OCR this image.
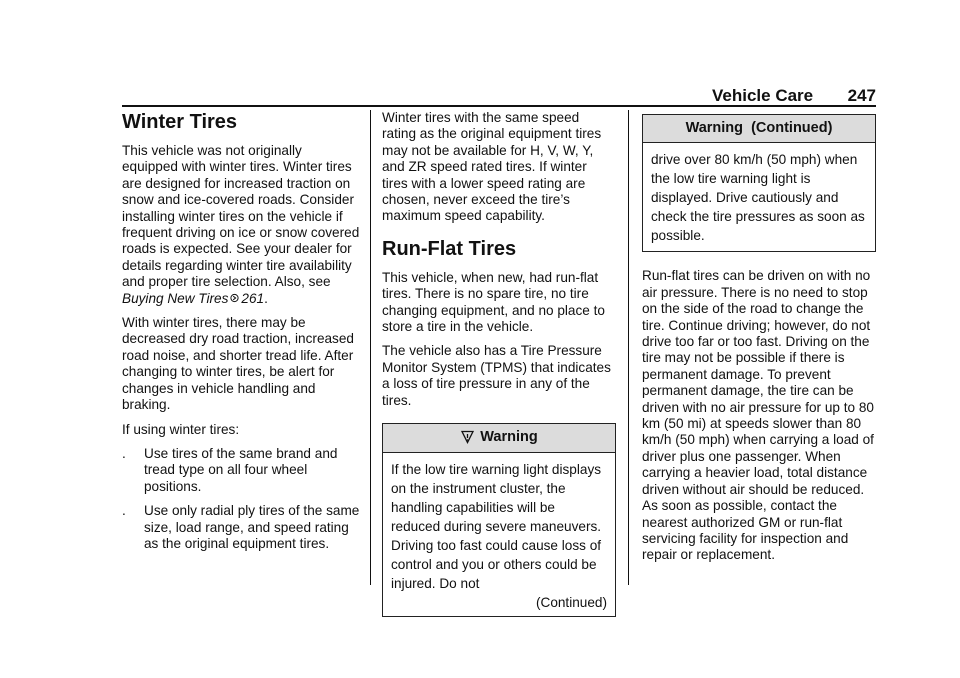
Vehicle Care 247
Winter Tires

This vehicle was not originally equipped with winter tires. Winter tires are designed for increased traction on snow and ice-covered roads. Consider installing winter tires on the vehicle if frequent driving on ice or snow covered roads is expected. See your dealer for details regarding winter tire availability and proper tire selection. Also, see Buying New Tires 261.

With winter tires, there may be decreased dry road traction, increased road noise, and shorter tread life. After changing to winter tires, be alert for changes in vehicle handling and braking.

If using winter tires:

.	Use tires of the same brand and tread type on all four wheel positions.
.	Use only radial ply tires of the same size, load range, and speed rating as the original equipment tires.

Winter tires with the same speed rating as the original equipment tires may not be available for H, V, W, Y, and ZR speed rated tires. If winter tires with a lower speed rating are chosen, never exceed the tire’s maximum speed capability.

Run-Flat Tires

This vehicle, when new, had run-flat tires. There is no spare tire, no tire changing equipment, and no place to store a tire in the vehicle.

The vehicle also has a Tire Pressure Monitor System (TPMS) that indicates a loss of tire pressure in any of the tires.

Warning
If the low tire warning light displays on the instrument cluster, the handling capabilities will be reduced during severe maneuvers. Driving too fast could cause loss of control and you or others could be injured. Do not
(Continued)
Warning  (Continued)
drive over 80 km/h (50 mph) when the low tire warning light is displayed. Drive cautiously and check the tire pressures as soon as possible.

Run-flat tires can be driven on with no air pressure. There is no need to stop on the side of the road to change the tire. Continue driving; however, do not drive too far or too fast. Driving on the tire may not be possible if there is permanent damage. To prevent permanent damage, the tire can be driven with no air pressure for up to 80 km (50 mi) at speeds slower than 80 km/h (50 mph) when carrying a load of driver plus one passenger. When carrying a heavier load, total distance driven without air should be reduced. As soon as possible, contact the nearest authorized GM or run-flat servicing facility for inspection and repair or replacement.
